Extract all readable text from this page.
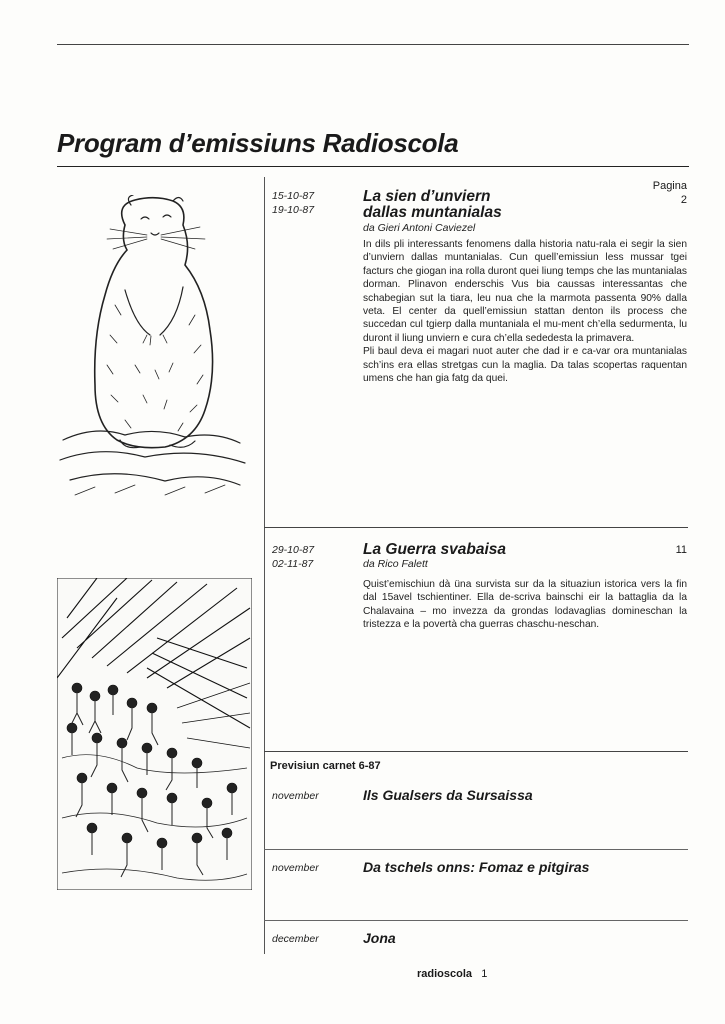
Program d’emissiuns Radioscola
15-10-87
19-10-87
La sien d’unviern
dallas muntanialas
da Gieri Antoni Caviezel
Pagina
2

In dils pli interessants fenomens dalla historia natu-rala ei segir la sien d’unviern dallas muntanialas. Cun quell’emissiun less mussar tgei facturs che giogan ina rolla duront quei liung temps che las muntanialas dorman. Plinavon enderschis Vus bia caussas interessantas che schabegian sut la tiara, leu nua che la marmota passenta 90% dalla veta. El center da quell’emissiun stattan denton ils process che succedan cul tgierp dalla muntaniala el mu-ment ch’ella sedurmenta, lu duront il liung unviern e cura ch’ella sededesta la primavera.

Pli baul deva ei magari nuot auter che dad ir e ca-var ora muntanialas sch’ins era ellas stretgas cun la maglia. Da talas scopertas raquentan umens che han gia fatg da quei.

29-10-87
02-11-87
La Guerra svabaisa
da Rico Falett
11

Quist’emischiun dà üna survista sur da la situaziun istorica vers la fin dal 15avel tschientiner. Ella de-scriva bainschi eir la battaglia da la Chalavaina – mo invezza da grondas lodavaglias domineschan la tristezza e la povertà cha guerras chaschu-neschan.

Previsiun carnet 6-87
november	Ils Gualsers da Sursaissa
november	Da tschels onns: Fomaz e pitgiras
december	Jona
radioscola 1
